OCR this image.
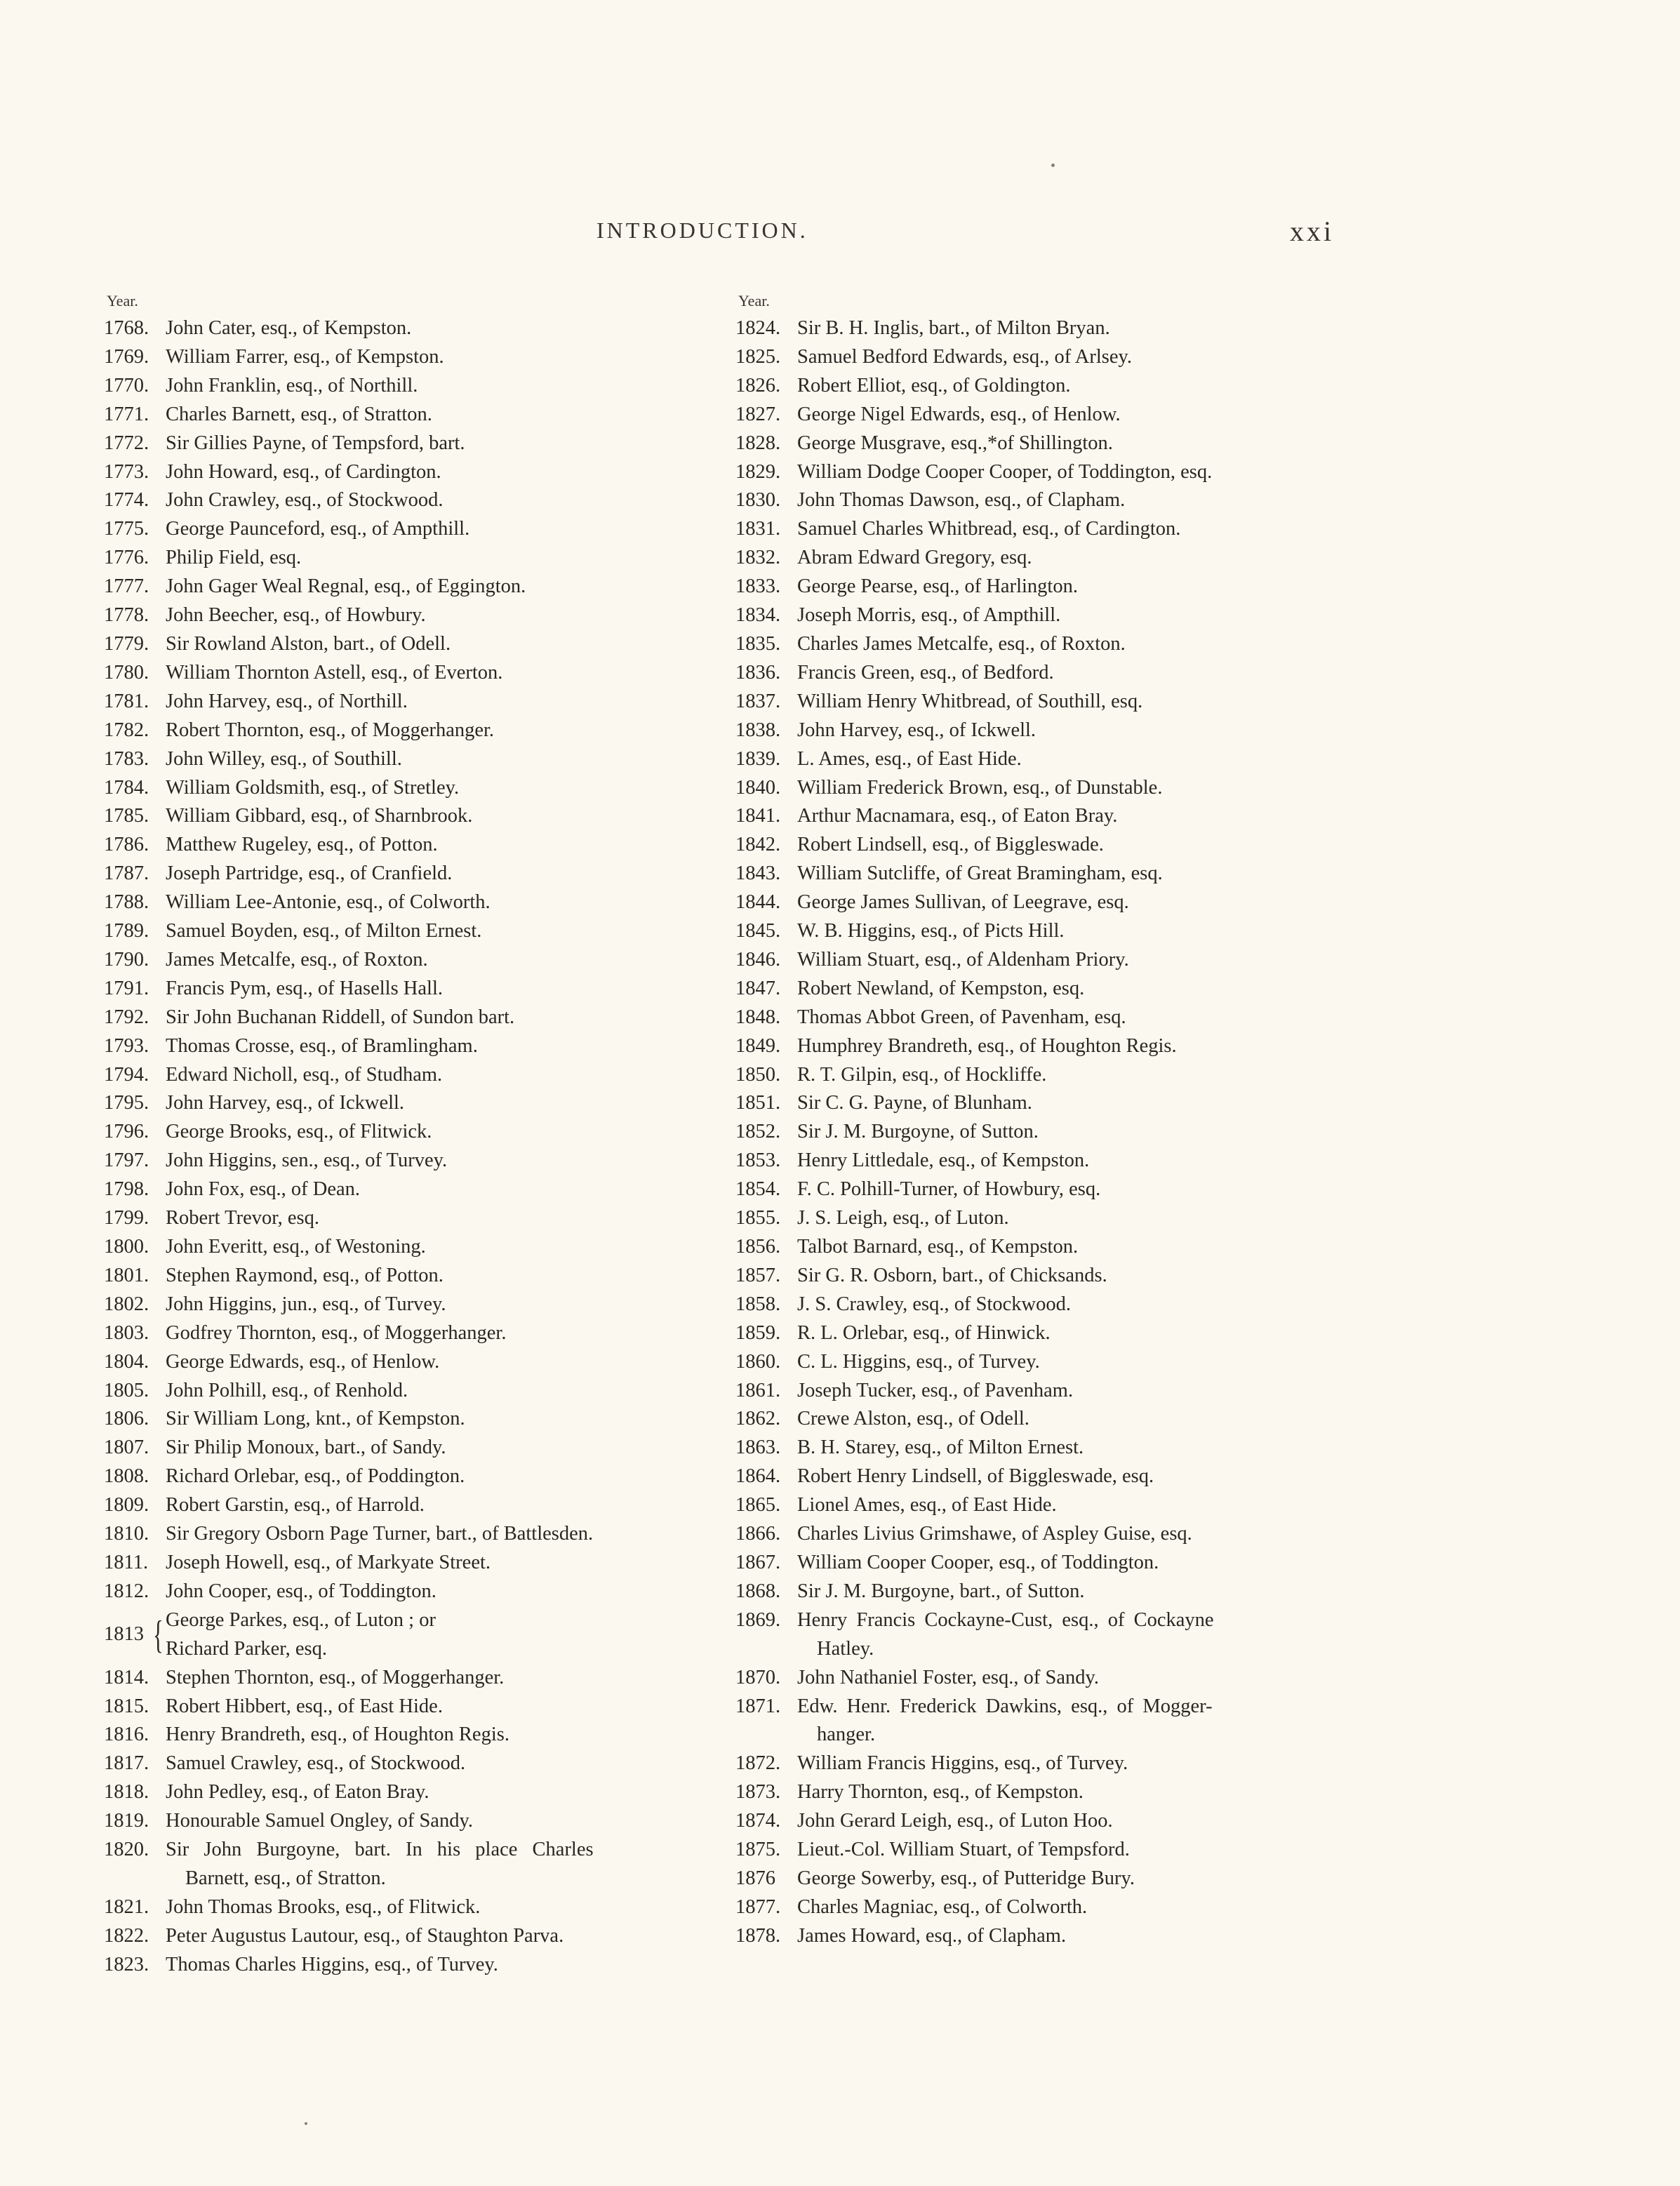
INTRODUCTION.	xxi
Year.
1768. John Cater, esq., of Kempston.
1769. William Farrer, esq., of Kempston.
1770. John Franklin, esq., of Northill.
1771. Charles Barnett, esq., of Stratton.
1772. Sir Gillies Payne, of Tempsford, bart.
1773. John Howard, esq., of Cardington.
1774. John Crawley, esq., of Stockwood.
1775. George Paunceford, esq., of Ampthill.
1776. Philip Field, esq.
1777. John Gager Weal Regnal, esq., of Eggington.
1778. John Beecher, esq., of Howbury.
1779. Sir Rowland Alston, bart., of Odell.
1780. William Thornton Astell, esq., of Everton.
1781. John Harvey, esq., of Northill.
1782. Robert Thornton, esq., of Moggerhanger.
1783. John Willey, esq., of Southill.
1784. William Goldsmith, esq., of Stretley.
1785. William Gibbard, esq., of Sharnbrook.
1786. Matthew Rugeley, esq., of Potton.
1787. Joseph Partridge, esq., of Cranfield.
1788. William Lee-Antonie, esq., of Colworth.
1789. Samuel Boyden, esq., of Milton Ernest.
1790. James Metcalfe, esq., of Roxton.
1791. Francis Pym, esq., of Hasells Hall.
1792. Sir John Buchanan Riddell, of Sundon bart.
1793. Thomas Crosse, esq., of Bramlingham.
1794. Edward Nicholl, esq., of Studham.
1795. John Harvey, esq., of Ickwell.
1796. George Brooks, esq., of Flitwick.
1797. John Higgins, sen., esq., of Turvey.
1798. John Fox, esq., of Dean.
1799. Robert Trevor, esq.
1800. John Everitt, esq., of Westoning.
1801. Stephen Raymond, esq., of Potton.
1802. John Higgins, jun., esq., of Turvey.
1803. Godfrey Thornton, esq., of Moggerhanger.
1804. George Edwards, esq., of Henlow.
1805. John Polhill, esq., of Renhold.
1806. Sir William Long, knt., of Kempston.
1807. Sir Philip Monoux, bart., of Sandy.
1808. Richard Orlebar, esq., of Poddington.
1809. Robert Garstin, esq., of Harrold.
1810. Sir Gregory Osborn Page Turner, bart., of Battlesden.
1811. Joseph Howell, esq., of Markyate Street.
1812. John Cooper, esq., of Toddington.
1813 { George Parkes, esq., of Luton ; or
Richard Parker, esq.
1814. Stephen Thornton, esq., of Moggerhanger.
1815. Robert Hibbert, esq., of East Hide.
1816. Henry Brandreth, esq., of Houghton Regis.
1817. Samuel Crawley, esq., of Stockwood.
1818. John Pedley, esq., of Eaton Bray.
1819. Honourable Samuel Ongley, of Sandy.
1820. Sir John Burgoyne, bart. In his place Charles
Barnett, esq., of Stratton.
1821. John Thomas Brooks, esq., of Flitwick.
1822. Peter Augustus Lautour, esq., of Staughton Parva.
1823. Thomas Charles Higgins, esq., of Turvey.
Year.
1824. Sir B. H. Inglis, bart., of Milton Bryan.
1825. Samuel Bedford Edwards, esq., of Arlsey.
1826. Robert Elliot, esq., of Goldington.
1827. George Nigel Edwards, esq., of Henlow.
1828. George Musgrave, esq.,*of Shillington.
1829. William Dodge Cooper Cooper, of Toddington, esq.
1830. John Thomas Dawson, esq., of Clapham.
1831. Samuel Charles Whitbread, esq., of Cardington.
1832. Abram Edward Gregory, esq.
1833. George Pearse, esq., of Harlington.
1834. Joseph Morris, esq., of Ampthill.
1835. Charles James Metcalfe, esq., of Roxton.
1836. Francis Green, esq., of Bedford.
1837. William Henry Whitbread, of Southill, esq.
1838. John Harvey, esq., of Ickwell.
1839. L. Ames, esq., of East Hide.
1840. William Frederick Brown, esq., of Dunstable.
1841. Arthur Macnamara, esq., of Eaton Bray.
1842. Robert Lindsell, esq., of Biggleswade.
1843. William Sutcliffe, of Great Bramingham, esq.
1844. George James Sullivan, of Leegrave, esq.
1845. W. B. Higgins, esq., of Picts Hill.
1846. William Stuart, esq., of Aldenham Priory.
1847. Robert Newland, of Kempston, esq.
1848. Thomas Abbot Green, of Pavenham, esq.
1849. Humphrey Brandreth, esq., of Houghton Regis.
1850. R. T. Gilpin, esq., of Hockliffe.
1851. Sir C. G. Payne, of Blunham.
1852. Sir J. M. Burgoyne, of Sutton.
1853. Henry Littledale, esq., of Kempston.
1854. F. C. Polhill-Turner, of Howbury, esq.
1855. J. S. Leigh, esq., of Luton.
1856. Talbot Barnard, esq., of Kempston.
1857. Sir G. R. Osborn, bart., of Chicksands.
1858. J. S. Crawley, esq., of Stockwood.
1859. R. L. Orlebar, esq., of Hinwick.
1860. C. L. Higgins, esq., of Turvey.
1861. Joseph Tucker, esq., of Pavenham.
1862. Crewe Alston, esq., of Odell.
1863. B. H. Starey, esq., of Milton Ernest.
1864. Robert Henry Lindsell, of Biggleswade, esq.
1865. Lionel Ames, esq., of East Hide.
1866. Charles Livius Grimshawe, of Aspley Guise, esq.
1867. William Cooper Cooper, esq., of Toddington.
1868. Sir J. M. Burgoyne, bart., of Sutton.
1869. Henry Francis Cockayne-Cust, esq., of Cockayne
Hatley.
1870. John Nathaniel Foster, esq., of Sandy.
1871. Edw. Henr. Frederick Dawkins, esq., of Mogger-
hanger.
1872. William Francis Higgins, esq., of Turvey.
1873. Harry Thornton, esq., of Kempston.
1874. John Gerard Leigh, esq., of Luton Hoo.
1875. Lieut.-Col. William Stuart, of Tempsford.
1876	George Sowerby, esq., of Putteridge Bury.
1877. Charles Magniac, esq., of Colworth.
1878. James Howard, esq., of Clapham.
